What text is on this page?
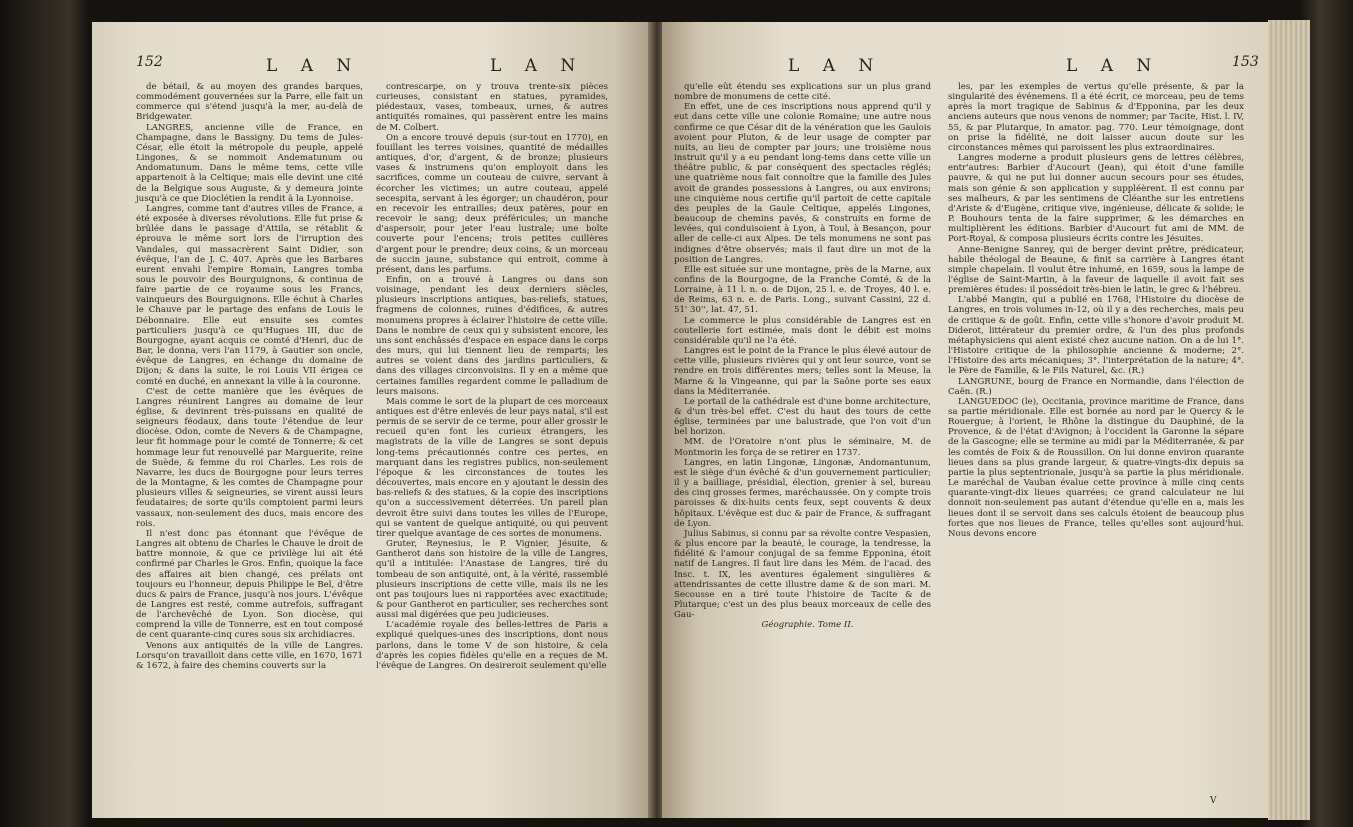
152	L A N	L A N

de bétail, & au moyen des grandes barques, commodément gouvernées sur la Parre, elle fait un commerce qui s'étend jusqu'à la mer, au-delà de Bridgewater.

LANGRES, ancienne ville de France, en Champagne, dans le Bassigny. Du tems de Jules-César, elle étoit la métropole du peuple, appelé Lingones, & se nommoit Andematunum ou Andomatunum. Dans le même tems, cette ville appartenoit à la Celtique; mais elle devint une cité de la Belgique sous Auguste, & y demeura jointe jusqu'à ce que Dioclétien la rendit à la Lyonnoise.

Langres, comme tant d'autres villes de France, a été exposée à diverses révolutions. Elle fut prise & brûlée dans le passage d'Attila, se rétablit & éprouva le même sort lors de l'irruption des Vandales, qui massacrèrent Saint Didier, son évêque, l'an de J. C. 407. Après que les Barbares eurent envahi l'empire Romain, Langres tomba sous le pouvoir des Bourguignons, & continua de faire partie de ce royaume sous les Francs, vainqueurs des Bourguignons. Elle échut à Charles le Chauve par le partage des enfans de Louis le Débonnaire. Elle eut ensuite ses comtes particuliers jusqu'à ce qu'Hugues III, duc de Bourgogne, ayant acquis ce comté d'Henri, duc de Bar, le donna, vers l'an 1179, à Gautier son oncle, évêque de Langres, en échange du domaine de Dijon; & dans la suite, le roi Louis VII érigea ce comté en duché, en annexant la ville à la couronne.

C'est de cette manière que les évêques de Langres réunirent Langres au domaine de leur église, & devinrent très-puissans en qualité de seigneurs féodaux, dans toute l'étendue de leur diocèse. Odon, comte de Nevers & de Champagne, leur fit hommage pour le comté de Tonnerre; & cet hommage leur fut renouvellé par Marguerite, reine de Suède, & femme du roi Charles. Les rois de Navarre, les ducs de Bourgogne pour leurs terres de la Montagne, & les comtes de Champagne pour plusieurs villes & seigneuries, se virent aussi leurs feudataires; de sorte qu'ils comptoient parmi leurs vassaux, non-seulement des ducs, mais encore des rois.

Il n'est donc pas étonnant que l'évêque de Langres ait obtenu de Charles le Chauve le droit de battre monnoie, & que ce privilège lui ait été confirmé par Charles le Gros. Enfin, quoique la face des affaires ait bien changé, ces prélats ont toujours eu l'honneur, depuis Philippe le Bel, d'être ducs & pairs de France, jusqu'à nos jours. L'évêque de Langres est resté, comme autrefois, suffragant de l'archevêché de Lyon. Son diocèse, qui comprend la ville de Tonnerre, est en tout composé de cent quarante-cinq cures sous six archidiacres.

Venons aux antiquités de la ville de Langres. Lorsqu'on travailloit dans cette ville, en 1670, 1671 & 1672, à faire des chemins couverts sur la

contrescarpe, on y trouva trente-six pièces curieuses, consistant en statues, pyramides, piédestaux, vases, tombeaux, urnes, & autres antiquités romaines, qui passèrent entre les mains de M. Colbert.

On a encore trouvé depuis (sur-tout en 1770), en fouillant les terres voisines, quantité de médailles antiques, d'or, d'argent, & de bronze; plusieurs vases & instrumens qu'on employoit dans les sacrifices, comme un couteau de cuivre, servant à écorcher les victimes; un autre couteau, appelé secespita, servant à les égorger; un chaudéron, pour en recevoir les entrailles; deux patères, pour en recevoir le sang; deux préféricules; un manche d'aspersoir, pour jeter l'eau lustrale; une boîte couverte pour l'encens; trois petites cuillères d'argent pour le prendre; deux coins, & un morceau de succin jaune, substance qui entroit, comme à présent, dans les parfums.

Enfin, on a trouvé à Langres ou dans son voisinage, pendant les deux derniers siècles, plusieurs inscriptions antiques, bas-reliefs, statues, fragmens de colonnes, ruines d'édifices, & autres monumens propres à éclairer l'histoire de cette ville. Dans le nombre de ceux qui y subsistent encore, les uns sont enchâssés d'espace en espace dans le corps des murs, qui lui tiennent lieu de remparts; les autres se voient dans des jardins particuliers, & dans des villages circonvoisins. Il y en a même que certaines familles regardent comme le palladium de leurs maisons.

Mais comme le sort de la plupart de ces morceaux antiques est d'être enlevés de leur pays natal, s'il est permis de se servir de ce terme, pour aller grossir le recueil qu'en font les curieux étrangers, les magistrats de la ville de Langres se sont depuis long-tems précautionnés contre ces pertes, en marquant dans les registres publics, non-seulement l'époque & les circonstances de toutes les découvertes, mais encore en y ajoutant le dessin des bas-reliefs & des statues, & la copie des inscriptions qu'on a successivement déterrées. Un pareil plan devroit être suivi dans toutes les villes de l'Europe, qui se vantent de quelque antiquité, ou qui peuvent tirer quelque avantage de ces sortes de monumens.

Gruter, Reynesius, le P. Vignier, Jésuite, & Gantherot dans son histoire de la ville de Langres, qu'il a intitulée: l'Anastase de Langres, tiré du tombeau de son antiquité, ont, à la vérité, rassemblé plusieurs inscriptions de cette ville, mais ils ne les ont pas toujours lues ni rapportées avec exactitude; & pour Gantherot en particulier, ses recherches sont aussi mal digérées que peu judicieuses.

L'académie royale des belles-lettres de Paris a expliqué quelques-unes des inscriptions, dont nous parlons, dans le tome V de son histoire, & cela d'après les copies fidèles qu'elle en a reçues de M. l'évêque de Langres. On desireroit seulement qu'elle

L A N	L A N	153

qu'elle eût étendu ses explications sur un plus grand nombre de monumens de cette cité.

En effet, une de ces inscriptions nous apprend qu'il y eut dans cette ville une colonie Romaine; une autre nous confirme ce que César dit de la vénération que les Gaulois avoient pour Pluton, & de leur usage de compter par nuits, au lieu de compter par jours; une troisième nous instruit qu'il y a eu pendant long-tems dans cette ville un théâtre public, & par conséquent des spectacles réglés; une quatrième nous fait connoître que la famille des Jules avoit de grandes possessions à Langres, ou aux environs; une cinquième nous certifie qu'il partoit de cette capitale des peuples de la Gaule Celtique, appelés Lingones, beaucoup de chemins pavés, & construits en forme de levées, qui conduisoient à Lyon, à Toul, à Besançon, pour aller de celle-ci aux Alpes. De tels monumens ne sont pas indignes d'être observés; mais il faut dire un mot de la position de Langres.

Elle est située sur une montagne, près de la Marne, aux confins de la Bourgogne, de la Franche Comté, & de la Lorraine, à 11 l. n. o. de Dijon, 25 l. e. de Troyes, 40 l. e. de Reims, 63 n. e. de Paris. Long., suivant Cassini, 22 d. 51' 30'', lat. 47, 51.

Le commerce le plus considérable de Langres est en coutellerie fort estimée, mais dont le débit est moins considérable qu'il ne l'a été.

Langres est le point de la France le plus élevé autour de cette ville, plusieurs rivières qui y ont leur source, vont se rendre en trois différentes mers; telles sont la Meuse, la Marne & la Vingeanne, qui par la Saône porte ses eaux dans la Méditerranée.

Le portail de la cathédrale est d'une bonne architecture, & d'un très-bel effet. C'est du haut des tours de cette église, terminées par une balustrade, que l'on voit d'un bel horizon.

MM. de l'Oratoire n'ont plus le séminaire, M. de Montmorin les força de se retirer en 1737.

Langres, en latin Lingonæ, Lingonæ, Andomantunum, est le siège d'un évêché & d'un gouvernement particulier; il y a bailliage, présidial, élection, grenier à sel, bureau des cinq grosses fermes, maréchaussée. On y compte trois paroisses & dix-huits cents feux, sept couvents & deux hôpitaux. L'évêque est duc & pair de France, & suffragant de Lyon.

Julius Sabinus, si connu par sa révolte contre Vespasien, & plus encore par la beauté, le courage, la tendresse, la fidélité & l'amour conjugal de sa femme Epponina, étoit natif de Langres. Il faut lire dans les Mém. de l'acad. des Insc. t. IX, les aventures également singulières & attendrissantes de cette illustre dame & de son mari. M. Secousse en a tiré toute l'histoire de Tacite & de Plutarque; c'est un des plus beaux morceaux de celle des Gau-

Géographie. Tome II.

les, par les exemples de vertus qu'elle présente, & par la singularité des événemens. Il a été écrit, ce morceau, peu de tems après la mort tragique de Sabinus & d'Epponina, par les deux anciens auteurs que nous venons de nommer; par Tacite, Hist. l. IV, 55, & par Plutarque, In amator. pag. 770. Leur témoignage, dont on prise la fidélité, ne doit laisser aucun doute sur les circonstances mêmes qui paroissent les plus extraordinaires.

Langres moderne a produit plusieurs gens de lettres célèbres, entr'autres: Barbier d'Aucourt (Jean), qui étoit d'une famille pauvre, & qui ne put lui donner aucun secours pour ses études, mais son génie & son application y suppléèrent. Il est connu par ses malheurs, & par les sentimens de Cléanthe sur les entretiens d'Ariste & d'Eugène, critique vive, ingénieuse, délicate & solide; le P. Bouhours tenta de la faire supprimer, & les démarches en multiplièrent les éditions. Barbier d'Aucourt fut ami de MM. de Port-Royal, & composa plusieurs écrits contre les Jésuites.

Anne-Benigne Sanrey, qui de berger devint prêtre, prédicateur, habile théologal de Beaune, & finit sa carrière à Langres étant simple chapelain. Il voulut être inhumé, en 1659, sous la lampe de l'église de Saint-Martin, à la faveur de laquelle il avoit fait ses premières études: il possédoit très-bien le latin, le grec & l'hébreu.

L'abbé Mangin, qui a publié en 1768, l'Histoire du diocèse de Langres, en trois volumes in-12, où il y a des recherches, mais peu de critique & de goût. Enfin, cette ville s'honore d'avoir produit M. Diderot, littérateur du premier ordre, & l'un des plus profonds métaphysiciens qui aient existé chez aucune nation. On a de lui 1°. l'Histoire critique de la philosophie ancienne & moderne; 2°. l'Histoire des arts mécaniques; 3°. l'interprétation de la nature; 4°. le Père de Famille, & le Fils Naturel, &c. (R.)

LANGRUNE, bourg de France en Normandie, dans l'élection de Caën. (R.)

LANGUEDOC (le), Occitania, province maritime de France, dans sa partie méridionale. Elle est bornée au nord par le Quercy & le Rouergue; à l'orient, le Rhône la distingue du Dauphiné, de la Provence, & de l'état d'Avignon; à l'occident la Garonne la sépare de la Gascogne; elle se termine au midi par la Méditerranée, & par les comtés de Foix & de Roussillon. On lui donne environ quarante lieues dans sa plus grande largeur, & quatre-vingts-dix depuis sa partie la plus septentrionale, jusqu'à sa partie la plus méridionale. Le maréchal de Vauban évalue cette province à mille cinq cents quarante-vingt-dix lieues quarrées; ce grand calculateur ne lui donnoit non-seulement pas autant d'étendue qu'elle en a, mais les lieues dont il se servoit dans ses calculs étoient de beaucoup plus fortes que nos lieues de France, telles qu'elles sont aujourd'hui. Nous devons encore

V
